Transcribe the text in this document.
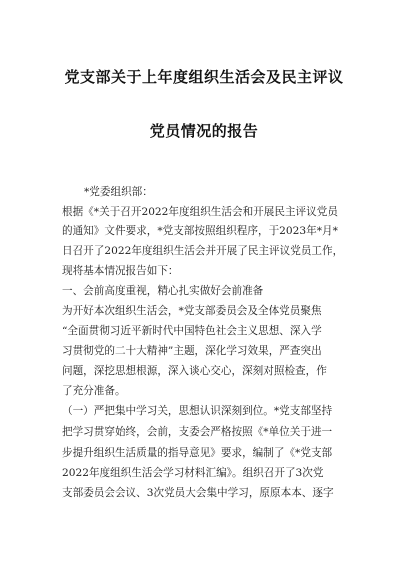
党支部关于上年度组织生活会及民主评议
党员情况的报告
*党委组织部：
根据《*关于召开2022年度组织生活会和开展民主评议党员
的通知》文件要求，*党支部按照组织程序，于2023年*月*
日召开了2022年度组织生活会并开展了民主评议党员工作，
现将基本情况报告如下：
一、会前高度重视，精心扎实做好会前准备
为开好本次组织生活会，*党支部委员会及全体党员聚焦
“全面贯彻习近平新时代中国特色社会主义思想、深入学
习贯彻党的二十大精神”主题，深化学习效果，严查突出
问题，深挖思想根源，深入谈心交心，深刻对照检查，作
了充分准备。
（一）严把集中学习关，思想认识深刻到位。*党支部坚持
把学习贯穿始终，会前，支委会严格按照《*单位关于进一
步提升组织生活质量的指导意见》要求，编制了《*党支部
2022年度组织生活会学习材料汇编》。组织召开了3次党
支部委员会会议、3次党员大会集中学习，原原本本、逐字
